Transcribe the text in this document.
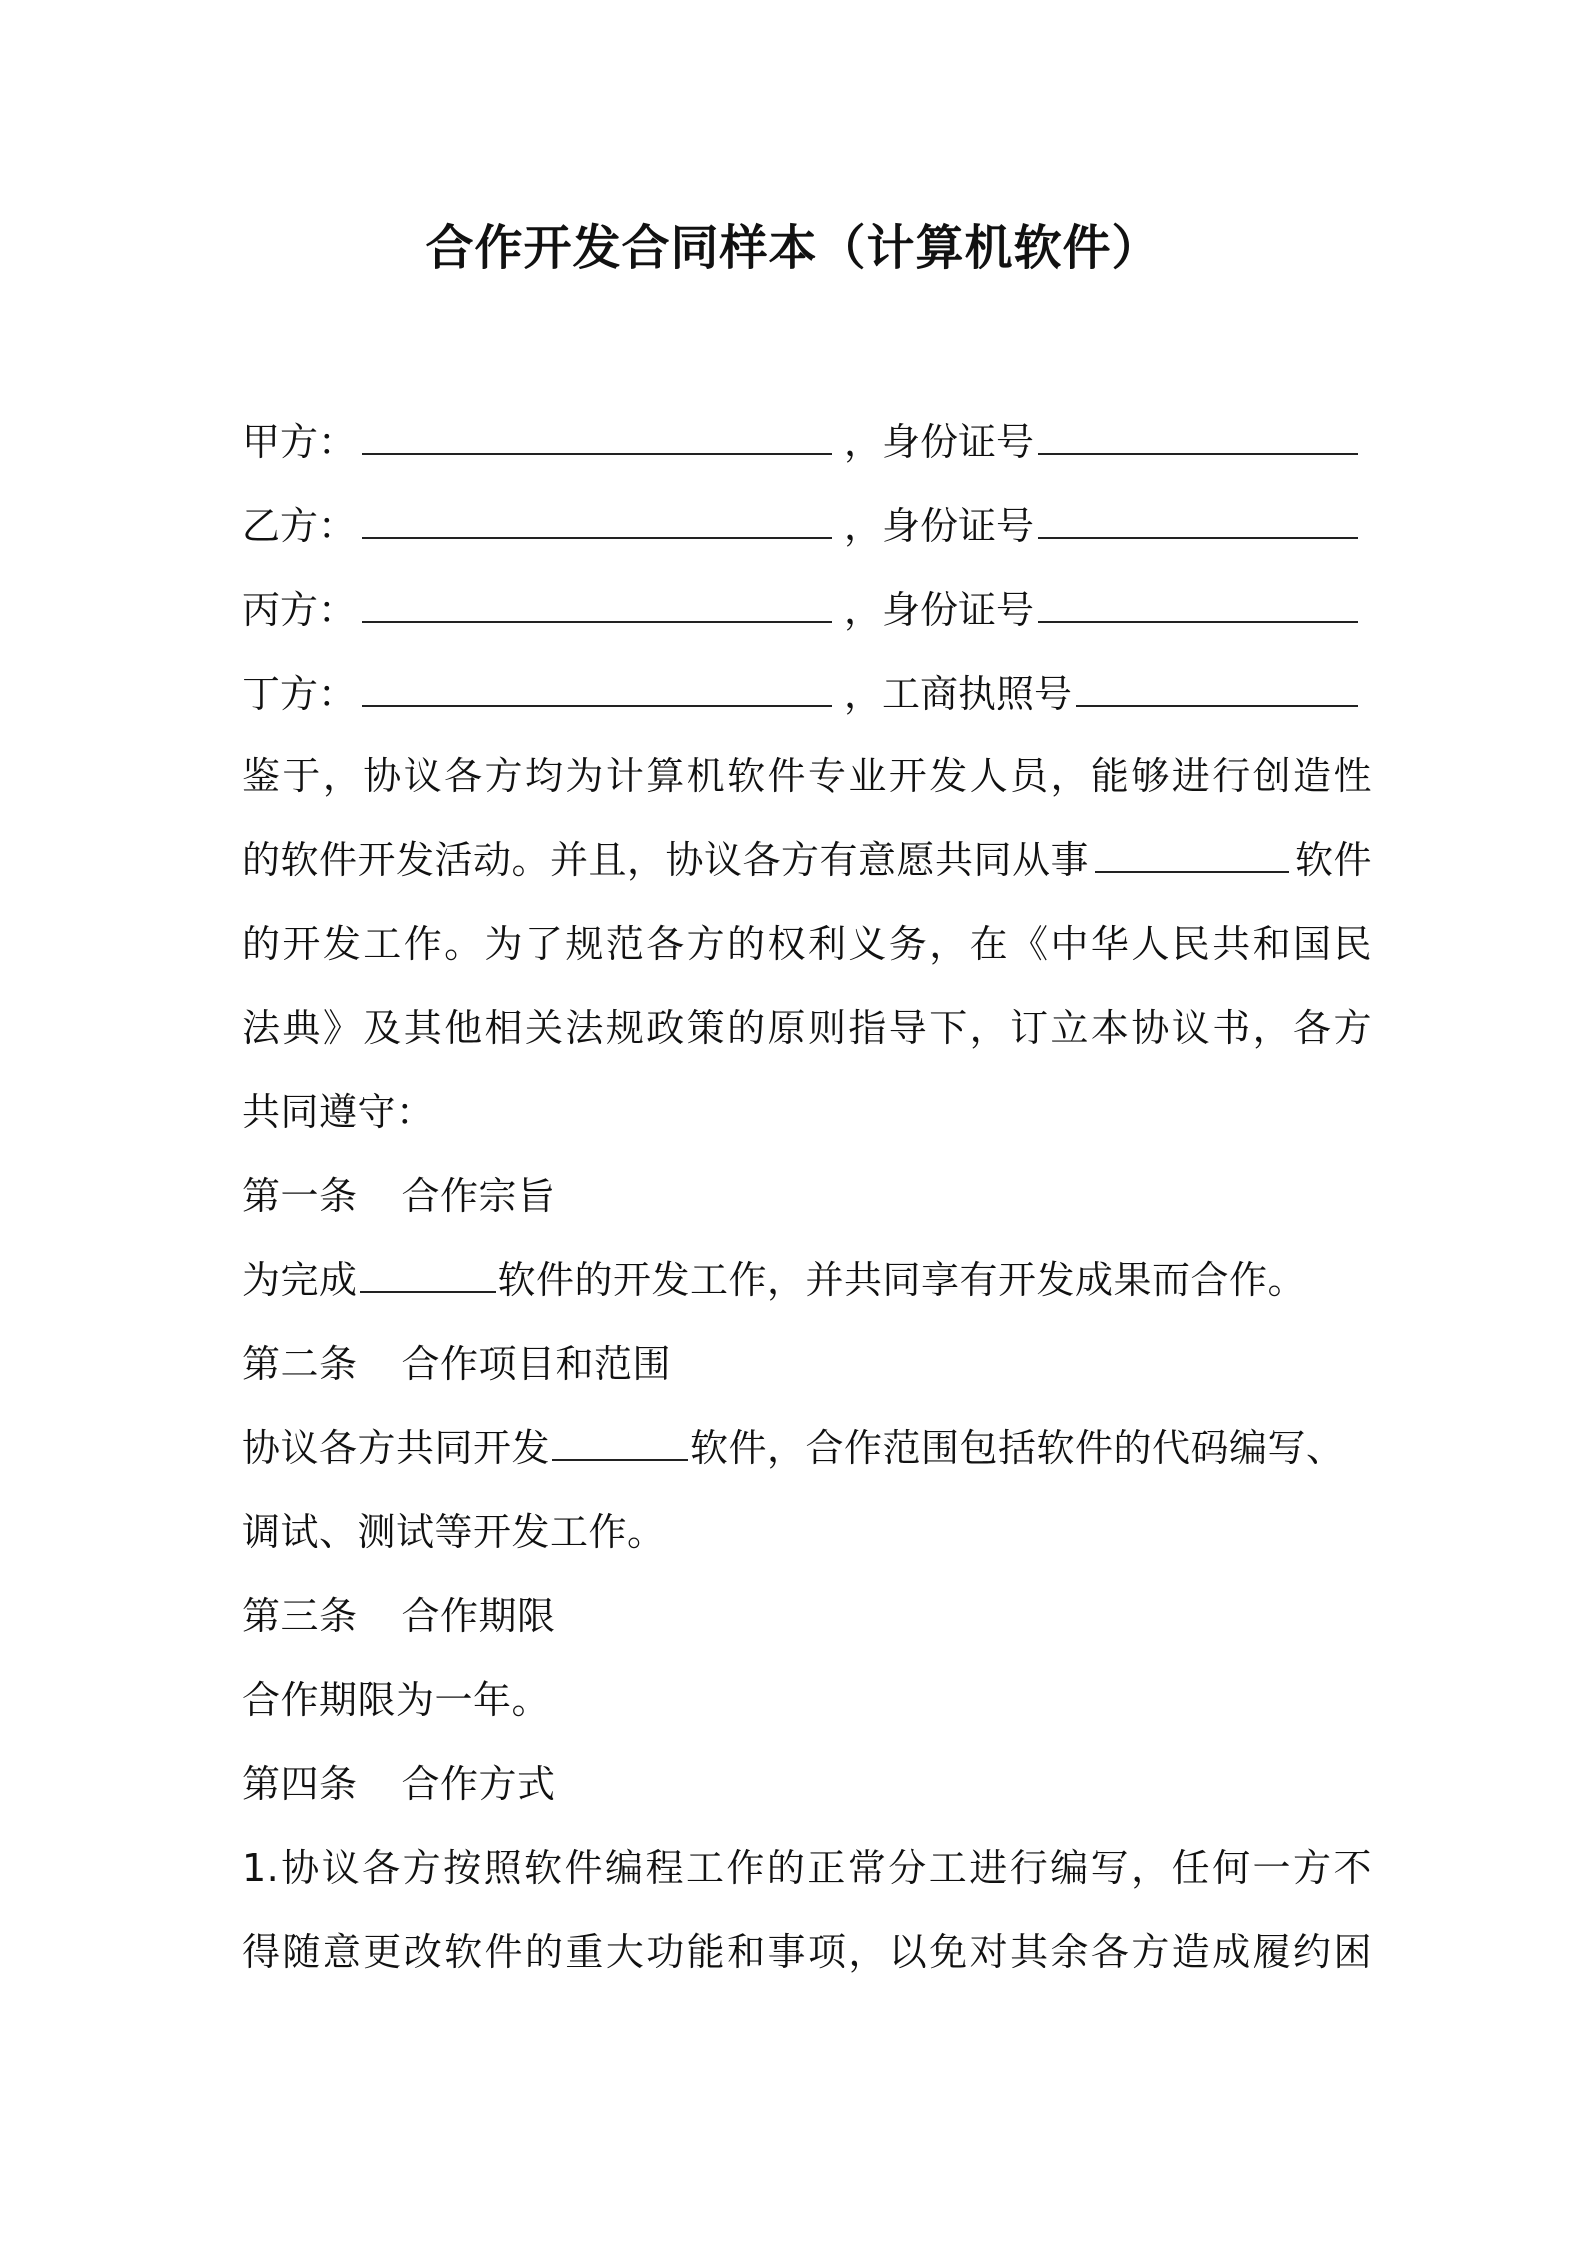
合作开发合同样本（计算机软件）
甲方：	， 身份证号
乙方：	， 身份证号
丙方：	， 身份证号
丁方：	， 工商执照号
鉴于，协议各方均为计算机软件专业开发人员，能够进行创造性
的软件开发活动。并且，协议各方有意愿共同从事	软件
的开发工作。为了规范各方的权利义务，在《中华人民共和国民
法典》及其他相关法规政策的原则指导下，订立本协议书，各方
共同遵守：
第一条 合作宗旨
为完成	软件的开发工作，并共同享有开发成果而合作。
第二条 合作项目和范围
协议各方共同开发	软件，合作范围包括软件的代码编写、
调试、测试等开发工作。
第三条 合作期限
合作期限为一年。
第四条 合作方式
1.协议各方按照软件编程工作的正常分工进行编写，任何一方不
得随意更改软件的重大功能和事项，以免对其余各方造成履约困
